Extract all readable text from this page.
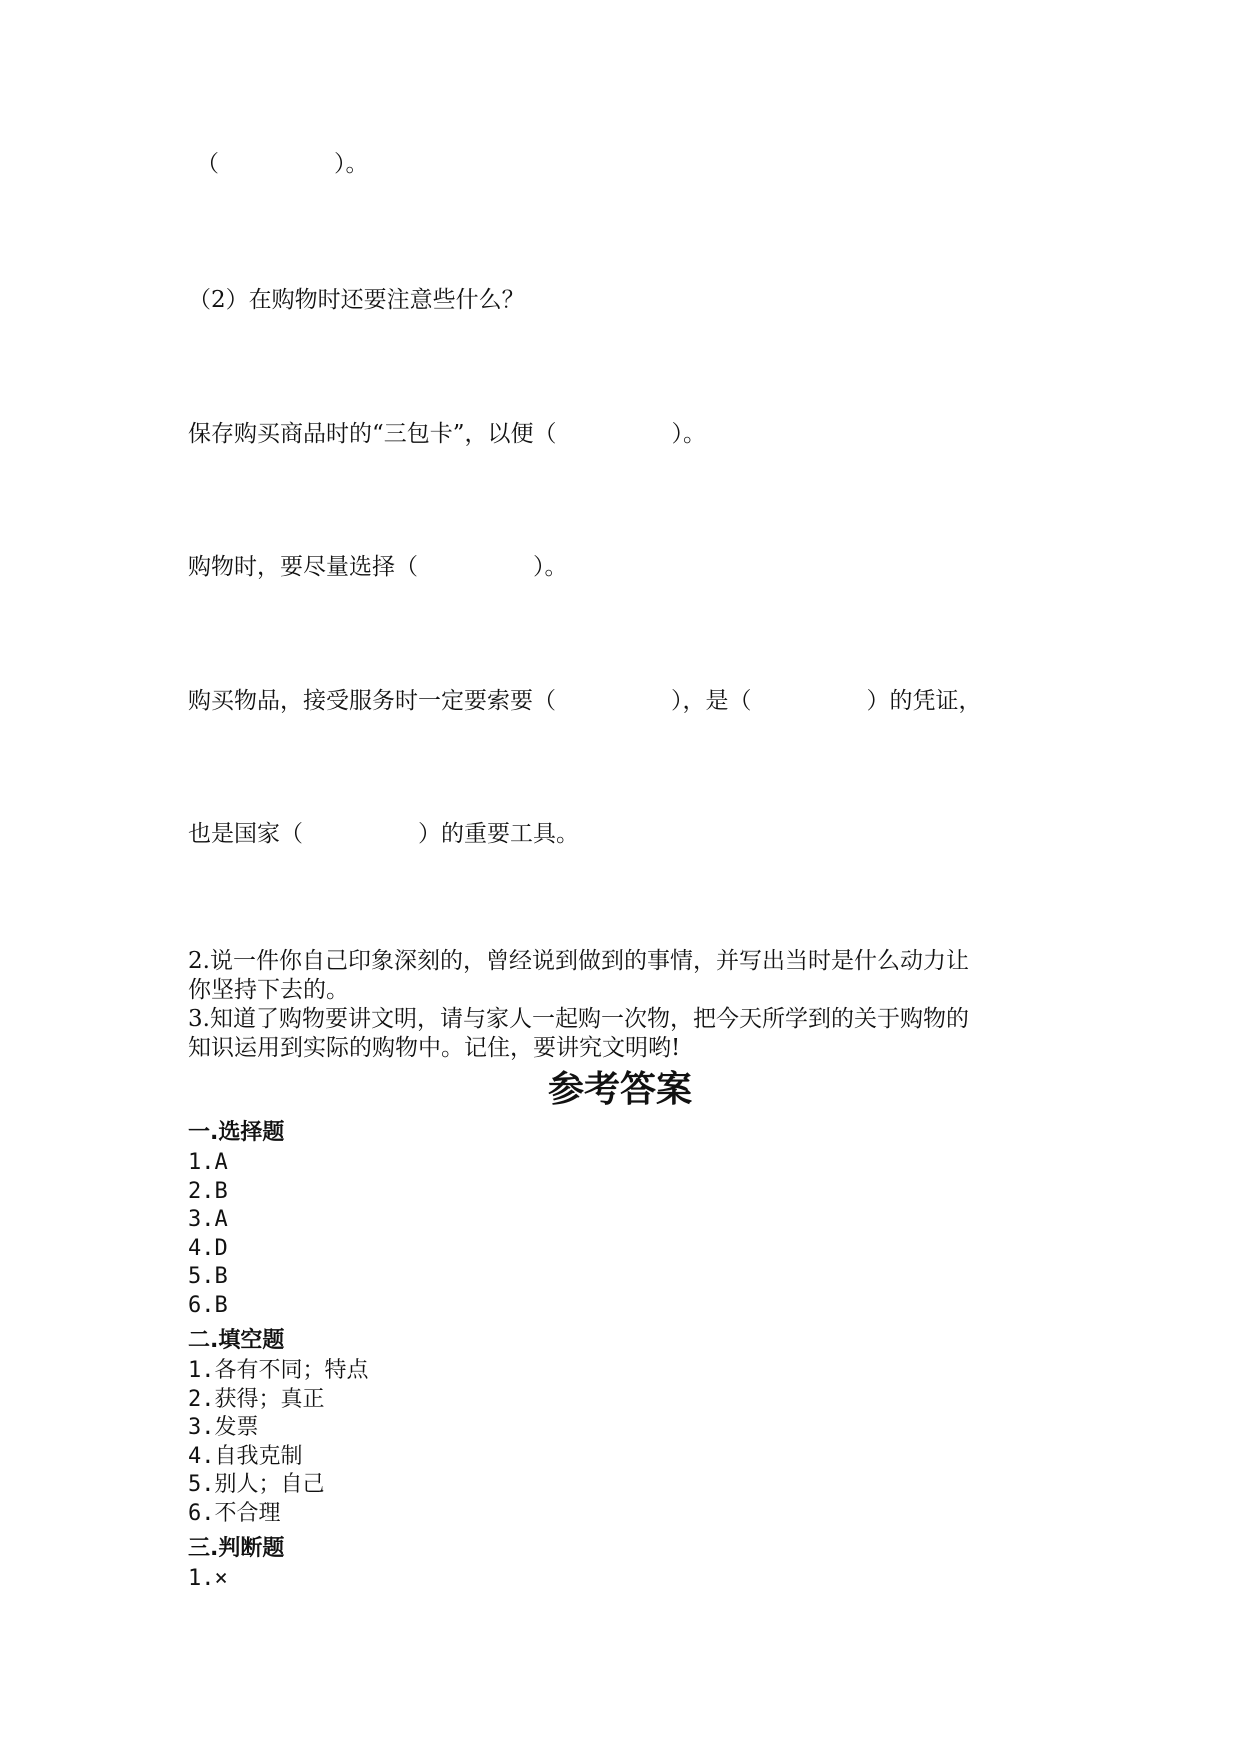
（　　　　　）。
（2）在购物时还要注意些什么？
保存购买商品时的“三包卡”，以便（　　　　　）。
购物时，要尽量选择（　　　　　）。
购买物品，接受服务时一定要索要（　　　　　），是（　　　　　）的凭证，
也是国家（　　　　　）的重要工具。
2.说一件你自己印象深刻的，曾经说到做到的事情，并写出当时是什么动力让
你坚持下去的。
3.知道了购物要讲文明，请与家人一起购一次物，把今天所学到的关于购物的
知识运用到实际的购物中。记住，要讲究文明哟!
参考答案
一.选择题
1.A
2.B
3.A
4.D
5.B
6.B
二.填空题
1.各有不同；特点
2.获得；真正
3.发票
4.自我克制
5.别人；自己
6.不合理
三.判断题
1.×
